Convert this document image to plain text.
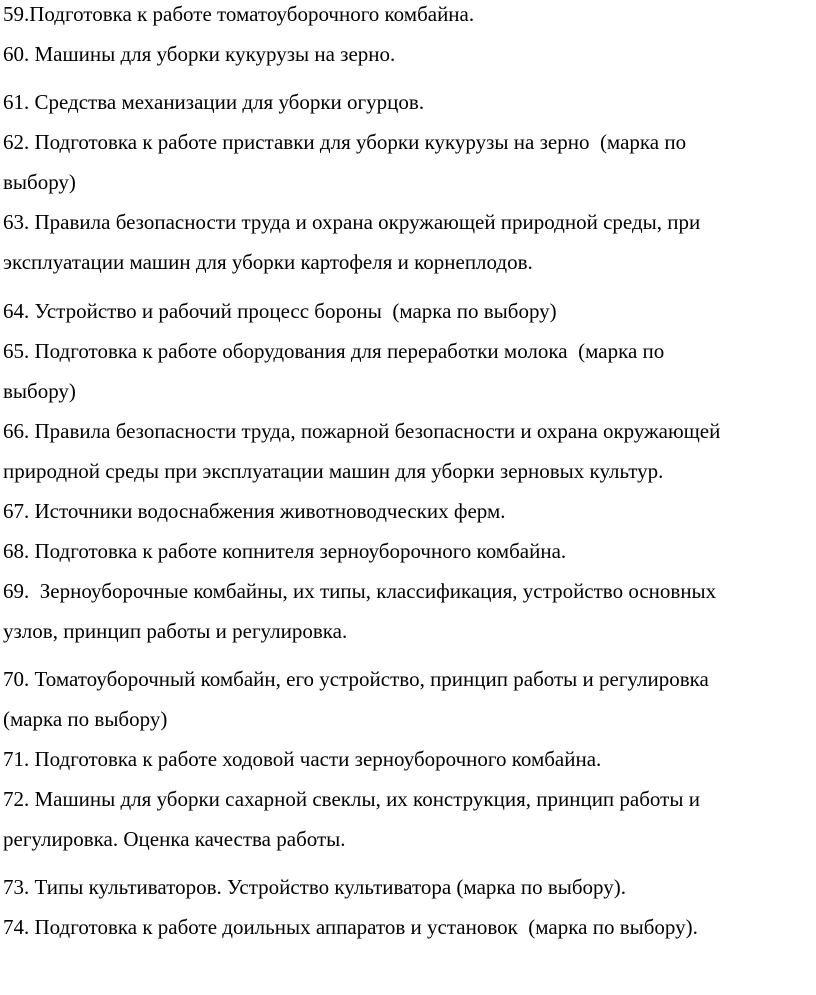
59.Подготовка к работе томатоуборочного комбайна.
60. Машины для уборки кукурузы на зерно.
61. Средства механизации для уборки огурцов.
62. Подготовка к работе приставки для уборки кукурузы на зерно  (марка по
выбору)
63. Правила безопасности труда и охрана окружающей природной среды, при
эксплуатации машин для уборки картофеля и корнеплодов.
64. Устройство и рабочий процесс бороны  (марка по выбору)
65. Подготовка к работе оборудования для переработки молока  (марка по
выбору)
66. Правила безопасности труда, пожарной безопасности и охрана окружающей
природной среды при эксплуатации машин для уборки зерновых культур.
67. Источники водоснабжения животноводческих ферм.
68. Подготовка к работе копнителя зерноуборочного комбайна.
69.  Зерноуборочные комбайны, их типы, классификация, устройство основных
узлов, принцип работы и регулировка.
70. Томатоуборочный комбайн, его устройство, принцип работы и регулировка
(марка по выбору)
71. Подготовка к работе ходовой части зерноуборочного комбайна.
72. Машины для уборки сахарной свеклы, их конструкция, принцип работы и
регулировка. Оценка качества работы.
73. Типы культиваторов. Устройство культиватора (марка по выбору).
74. Подготовка к работе доильных аппаратов и установок  (марка по выбору).
